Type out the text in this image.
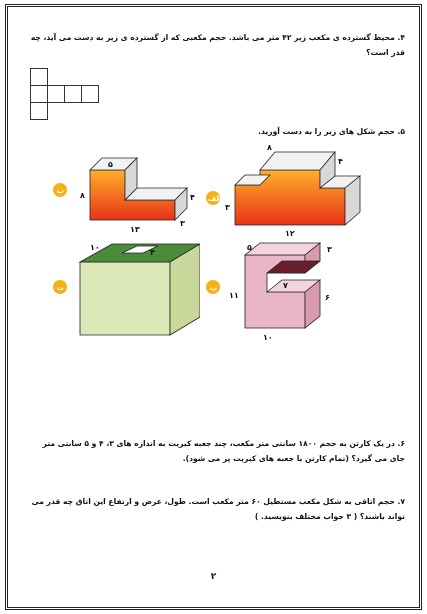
۴. محیط گسترده ی مکعب زیر ۴۲ متر می باشد. حجم مکعبی که از گسترده ی زیر به دست می آید، چه قدر است؟
۵. حجم شکل های زیر را به دست آورید.
۸
۴
۳
۱۲
الف
۵
۸	۴
۳
۱۳
ب
۵	۳
۷
۶
۱۱
۱۰
پ
۱۰
۴
ت
۶. در یک کارتن به حجم ۱۸۰۰ سانتی متر مکعب، چند جعبه کبریت به اندازه های ۳، ۴ و ۵ سانتی متر جای می گیرد؟ (تمام کارتن با جعبه های کبریت پر می شود).
۷. حجم اتاقی به شکل مکعب مستطیل ۶۰ متر مکعب است. طول، عرض و ارتفاع این اتاق چه قدر می تواند باشند؟ ( ۳ جواب مختلف بنویسید. )
۲
